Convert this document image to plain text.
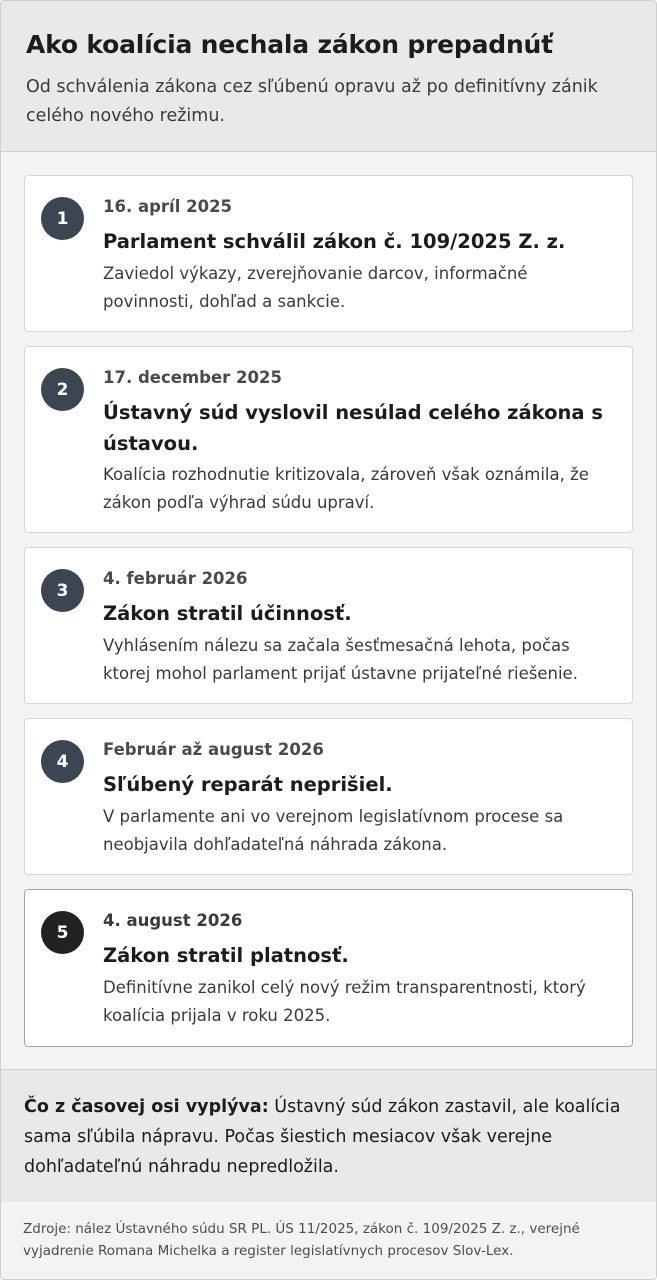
Ako koalícia nechala zákon prepadnúť

Od schválenia zákona cez sľúbenú opravu až po definitívny zánik celého nového režimu.

1
16. apríl 2025

Parlament schválil zákon č. 109/2025 Z. z.

Zaviedol výkazy, zverejňovanie darcov, informačné povinnosti, dohľad a sankcie.

2
17. december 2025

Ústavný súd vyslovil nesúlad celého zákona s ústavou.

Koalícia rozhodnutie kritizovala, zároveň však oznámila, že zákon podľa výhrad súdu upraví.

3
4. február 2026

Zákon stratil účinnosť.

Vyhlásením nálezu sa začala šesťmesačná lehota, počas ktorej mohol parlament prijať ústavne prijateľné riešenie.

4
Február až august 2026

Sľúbený reparát neprišiel.

V parlamente ani vo verejnom legislatívnom procese sa neobjavila dohľadateľná náhrada zákona.

5
4. august 2026

Zákon stratil platnosť.

Definitívne zanikol celý nový režim transparentnosti, ktorý koalícia prijala v roku 2025.

Čo z časovej osi vyplýva: Ústavný súd zákon zastavil, ale koalícia sama sľúbila nápravu. Počas šiestich mesiacov však verejne dohľadateľnú náhradu nepredložila.

Zdroje: nález Ústavného súdu SR PL. ÚS 11/2025, zákon č. 109/2025 Z. z., verejné vyjadrenie Romana Michelka a register legislatívnych procesov Slov-Lex.
